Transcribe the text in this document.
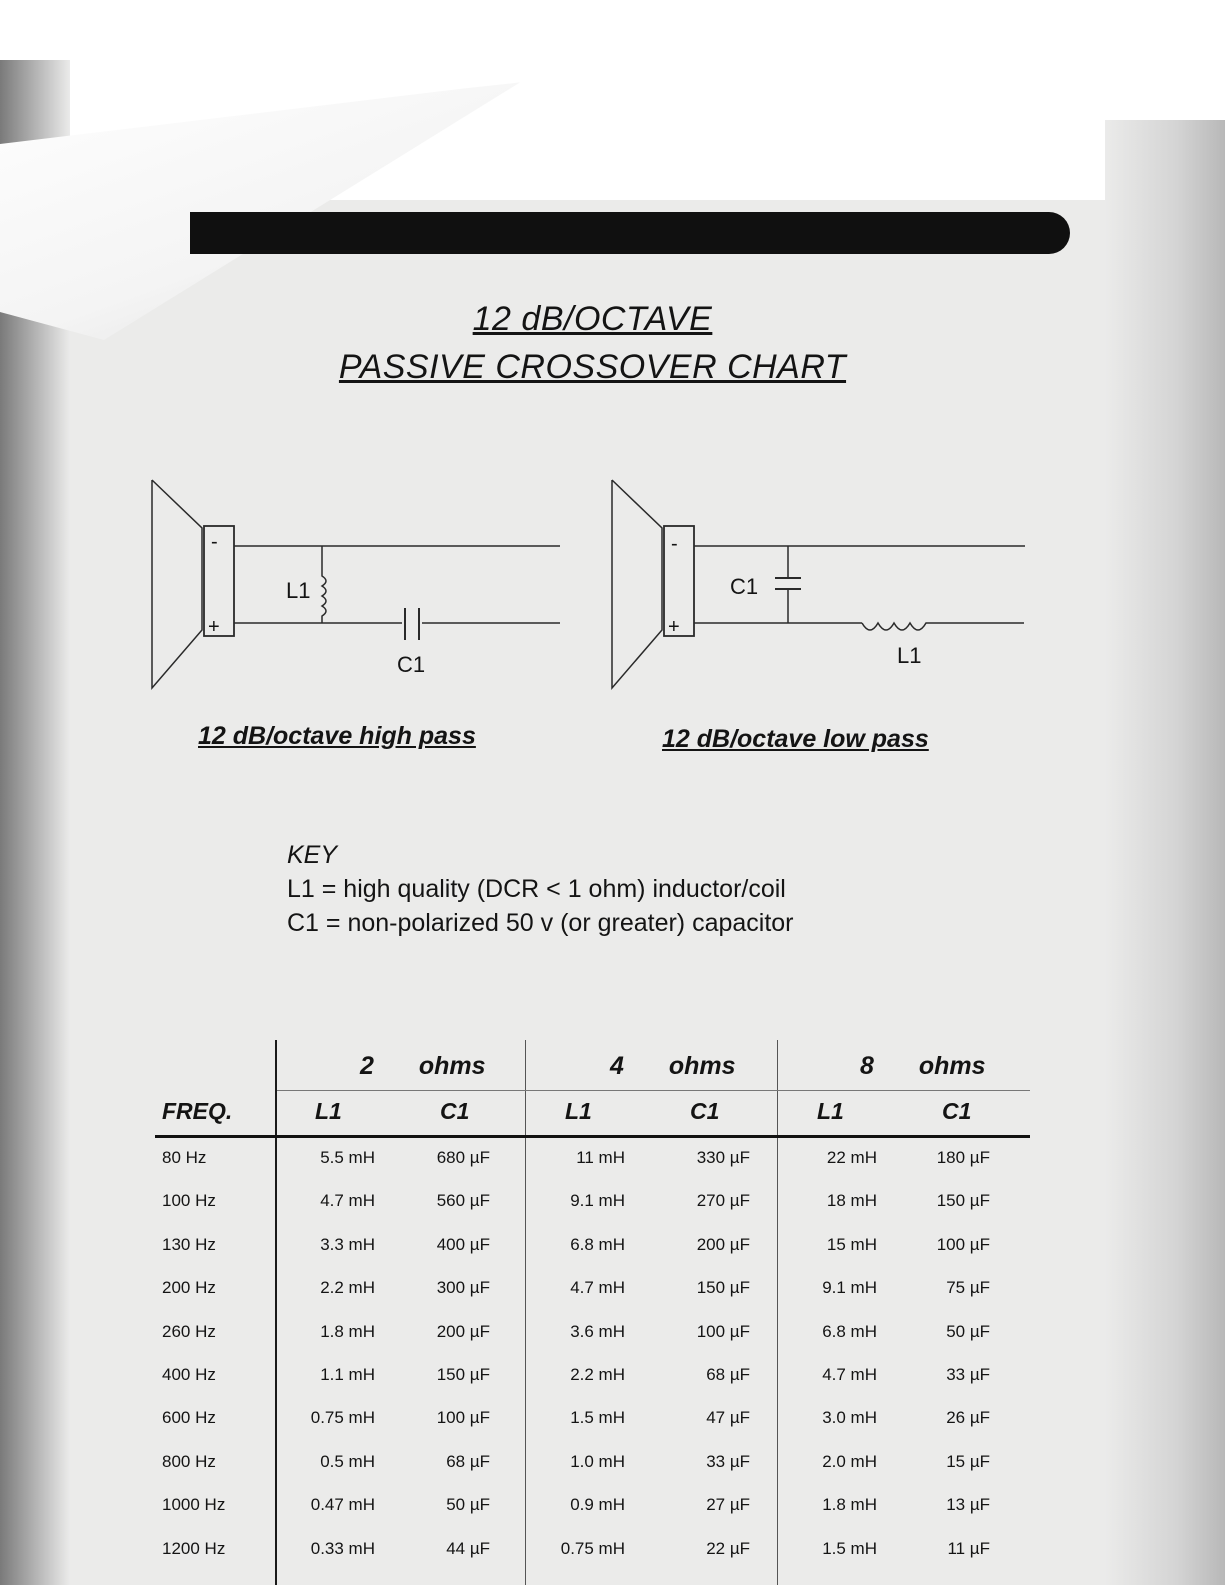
12 dB/OCTAVE
PASSIVE CROSSOVER CHART
-
+
L1
C1
-
+
C1
L1
12 dB/octave high pass	12 dB/octave low pass
KEY
L1 = high quality (DCR < 1 ohm) inductor/coil
C1 = non-polarized 50 v (or greater) capacitor
2 ohms	4 ohms	8 ohms
FREQ.	L1	C1	L1	C1	L1	C1
80 Hz	5.5 mH	680 µF	11 mH	330 µF	22 mH	180 µF
100 Hz	4.7 mH	560 µF	9.1 mH	270 µF	18 mH	150 µF
130 Hz	3.3 mH	400 µF	6.8 mH	200 µF	15 mH	100 µF
200 Hz	2.2 mH	300 µF	4.7 mH	150 µF	9.1 mH	75 µF
260 Hz	1.8 mH	200 µF	3.6 mH	100 µF	6.8 mH	50 µF
400 Hz	1.1 mH	150 µF	2.2 mH	68 µF	4.7 mH	33 µF
600 Hz	0.75 mH	100 µF	1.5 mH	47 µF	3.0 mH	26 µF
800 Hz	0.5 mH	68 µF	1.0 mH	33 µF	2.0 mH	15 µF
1000 Hz	0.47 mH	50 µF	0.9 mH	27 µF	1.8 mH	13 µF
1200 Hz	0.33 mH	44 µF	0.75 mH	22 µF	1.5 mH	11 µF
